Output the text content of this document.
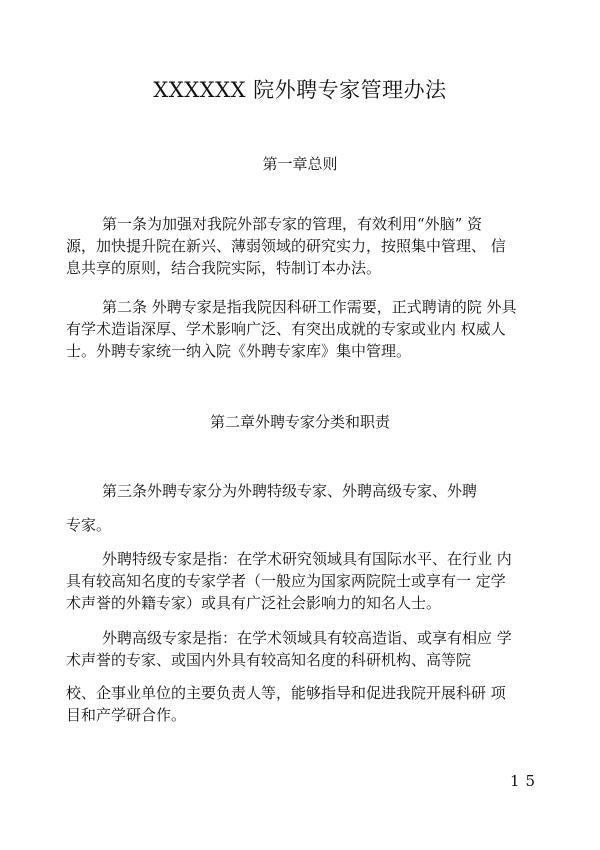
XXXXXX 院外聘专家管理办法
第一章总则
第一条为加强对我院外部专家的管理，有效利用“外脑” 资
源，加快提升院在新兴、薄弱领域的研究实力，按照集中管理、 信
息共享的原则，结合我院实际，特制订本办法。
第二条 外聘专家是指我院因科研工作需要，正式聘请的院 外具
有学术造诣深厚、学术影响广泛、有突出成就的专家或业内 权威人
士。外聘专家统一纳入院《外聘专家库》集中管理。
第二章外聘专家分类和职责
第三条外聘专家分为外聘特级专家、外聘高级专家、外聘
专家。
外聘特级专家是指：在学术研究领域具有国际水平、在行业 内
具有较高知名度的专家学者（一般应为国家两院院士或享有一 定学
术声誉的外籍专家）或具有广泛社会影响力的知名人士。
外聘高级专家是指：在学术领域具有较高造诣、或享有相应 学
术声誉的专家、或国内外具有较高知名度的科研机构、高等院
校、企事业单位的主要负责人等，能够指导和促进我院开展科研 项
目和产学研合作。
15
